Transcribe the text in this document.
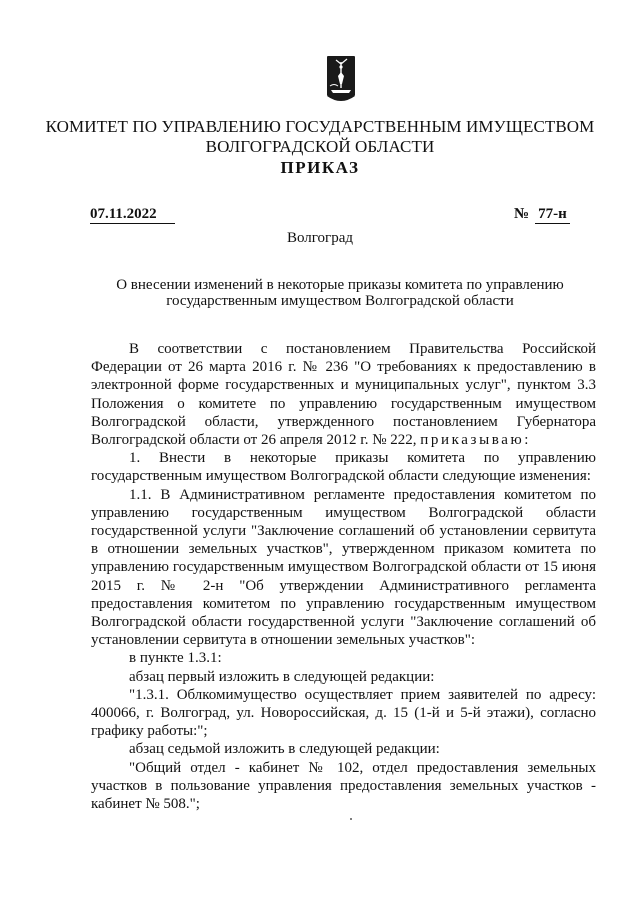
КОМИТЕТ ПО УПРАВЛЕНИЮ ГОСУДАРСТВЕННЫМ ИМУЩЕСТВОМ
ВОЛГОГРАДСКОЙ ОБЛАСТИ
ПРИКАЗ
07.11.2022	№ 77-н
Волгоград
О внесении изменений в некоторые приказы комитета по управлению государственным имуществом Волгоградской области

В соответствии с постановлением Правительства Российской Федерации от 26 марта 2016 г. № 236 "О требованиях к предоставлению в электронной форме государственных и муниципальных услуг", пунктом 3.3 Положения о комитете по управлению государственным имуществом Волгоградской области, утвержденного постановлением Губернатора Волгоградской области от 26 апреля 2012 г. № 222, приказываю:

1. Внести в некоторые приказы комитета по управлению государственным имуществом Волгоградской области следующие изменения:

1.1. В Административном регламенте предоставления комитетом по управлению государственным имуществом Волгоградской области государственной услуги "Заключение соглашений об установлении сервитута в отношении земельных участков", утвержденном приказом комитета по управлению государственным имуществом Волгоградской области от 15 июня 2015 г. № 2-н "Об утверждении Административного регламента предоставления комитетом по управлению государственным имуществом Волгоградской области государственной услуги "Заключение соглашений об установлении сервитута в отношении земельных участков":

в пункте 1.3.1:

абзац первый изложить в следующей редакции:

"1.3.1. Облкомимущество осуществляет прием заявителей по адресу: 400066, г. Волгоград, ул. Новороссийская, д. 15 (1-й и 5-й этажи), согласно графику работы:";

абзац седьмой изложить в следующей редакции:

"Общий отдел - кабинет № 102, отдел предоставления земельных участков в пользование управления предоставления земельных участков - кабинет № 508.";
